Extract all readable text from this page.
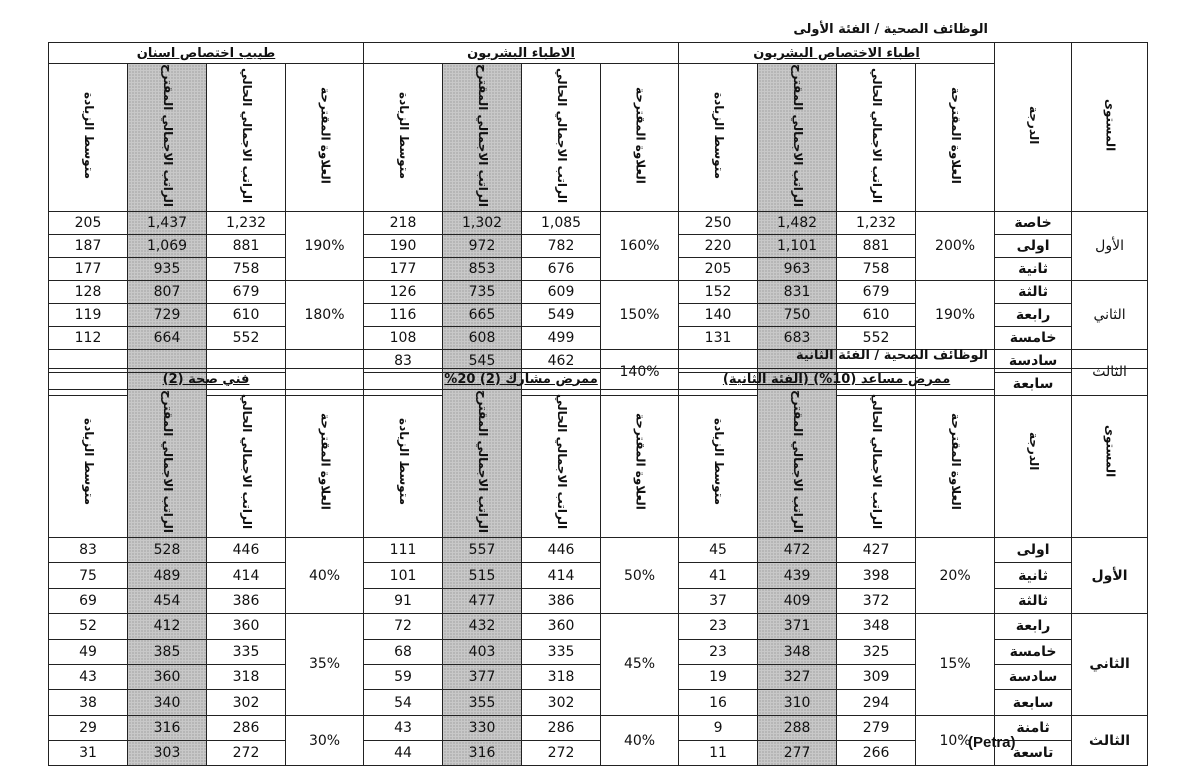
الوظائف الصحية / الفئة الأولى
طبيب اختصاص اسنان				الاطباء البشريون				اطباء الاختصاص البشريون				الدرجة	المستوى
متوسط الزيادة	الراتب الاجمالي المقترح	الراتب الاجمالي الحالي	العلاوة المقترحة	متوسط الزيادة	الراتب الاجمالي المقترح	الراتب الاجمالي الحالي	العلاوة المقترحة	متوسط الزيادة	الراتب الاجمالي المقترح	الراتب الاجمالي الحالي	العلاوة المقترحة		
205	1,437	1,232	190%	218	1,302	1,085	160%	250	1,482	1,232	200%	خاصة	الأول
187	1,069	881		190	972	782		220	1,101	881		اولى	
177	935	758		177	853	676		205	963	758		ثانية	
128	807	679	180%	126	735	609	150%	152	831	679	190%	ثالثة	الثاني
119	729	610		116	665	549		140	750	610		رابعة	
112	664	552		108	608	499		131	683	552		خامسة	
				83	545	462	140%					سادسة	الثالث
												سابعة	
الوظائف الصحية / الفئة الثانية
فني صحة (2)				ممرض مشارك (2) 20%				ممرض مساعد (10%) (الفئة الثانية)				الدرجة	المستوى
متوسط الزيادة	الراتب الاجمالي المقترح	الراتب الاجمالي الحالي	العلاوة المقترحة	متوسط الزيادة	الراتب الاجمالي المقترح	الراتب الاجمالي الحالي	العلاوة المقترحة	متوسط الزيادة	الراتب الاجمالي المقترح	الراتب الاجمالي الحالي	العلاوة المقترحة		
83	528	446	40%	111	557	446	50%	45	472	427	20%	اولى	الأول
75	489	414		101	515	414		41	439	398		ثانية	
69	454	386		91	477	386		37	409	372		ثالثة	
52	412	360	35%	72	432	360	45%	23	371	348	15%	رابعة	الثاني
49	385	335		68	403	335		23	348	325		خامسة	
43	360	318		59	377	318		19	327	309		سادسة	
38	340	302		54	355	302		16	310	294		سابعة	
29	316	286	30%	43	330	286	40%	9	288	279	10%	ثامنة	الثالث
31	303	272		44	316	272		11	277	266		تاسعة	
(Petra)
